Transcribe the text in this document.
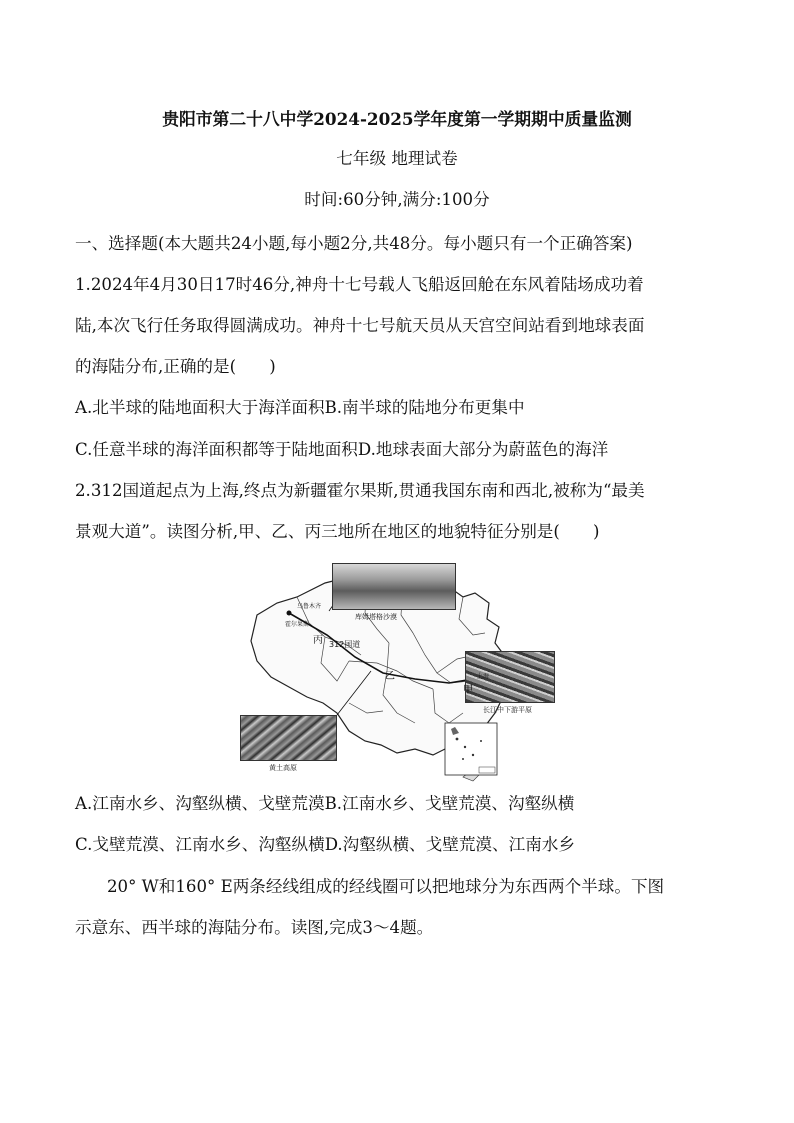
贵阳市第二十八中学2024-2025学年度第一学期期中质量监测
七年级 地理试卷
时间:60分钟,满分:100分
一、选择题(本大题共24小题,每小题2分,共48分。每小题只有一个正确答案)
1.2024年4月30日17时46分,神舟十七号载人飞船返回舱在东风着陆场成功着
陆,本次飞行任务取得圆满成功。神舟十七号航天员从天宫空间站看到地球表面
的海陆分布,正确的是(　　)
A.北半球的陆地面积大于海洋面积B.南半球的陆地分布更集中
C.任意半球的海洋面积都等于陆地面积D.地球表面大部分为蔚蓝色的海洋
2.312国道起点为上海,终点为新疆霍尔果斯,贯通我国东南和西北,被称为“最美
景观大道”。读图分析,甲、乙、丙三地所在地区的地貌特征分别是(　　)
库姆塔格沙漠
长江中下游平原
黄土高原
丙 312国道
甲
乙	上海
霍尔果斯
乌鲁木齐
A.江南水乡、沟壑纵横、戈壁荒漠B.江南水乡、戈壁荒漠、沟壑纵横
C.戈壁荒漠、江南水乡、沟壑纵横D.沟壑纵横、戈壁荒漠、江南水乡
20° W和160° E两条经线组成的经线圈可以把地球分为东西两个半球。下图
示意东、西半球的海陆分布。读图,完成3～4题。
